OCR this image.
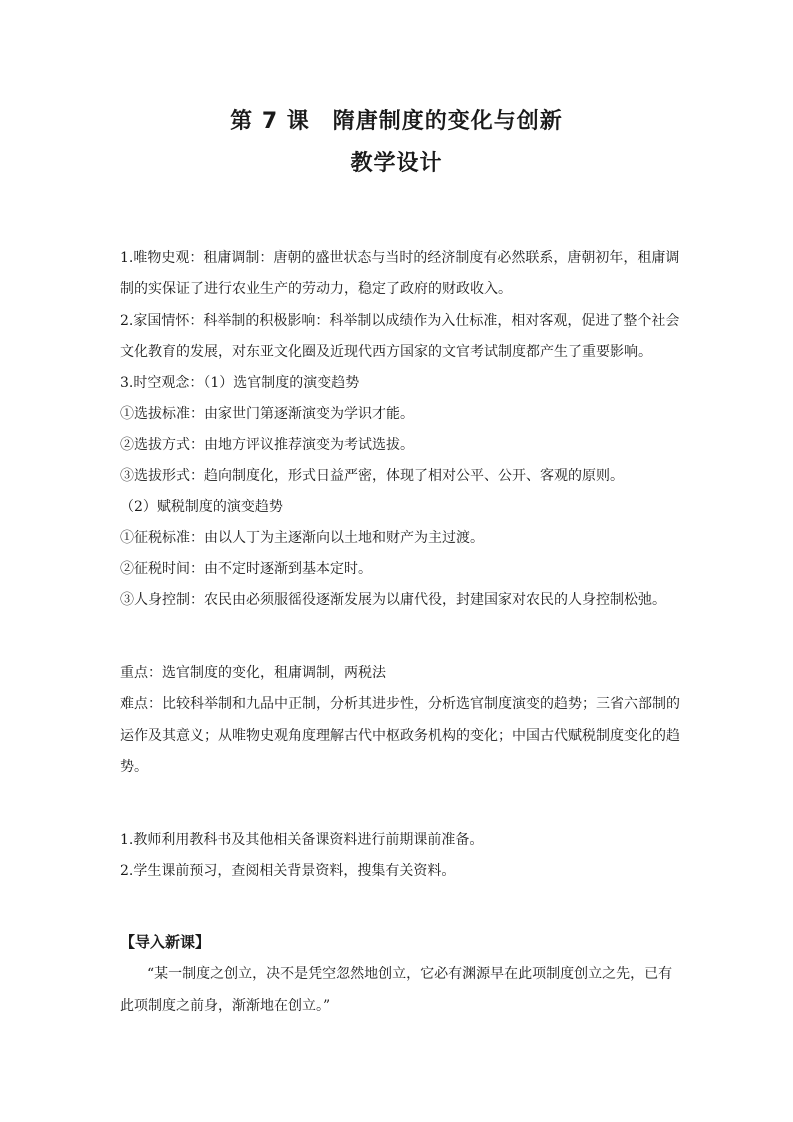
第 7 课　隋唐制度的变化与创新
教学设计
1.唯物史观：租庸调制：唐朝的盛世状态与当时的经济制度有必然联系，唐朝初年，租庸调
制的实保证了进行农业生产的劳动力，稳定了政府的财政收入。
2.家国情怀：科举制的积极影响：科举制以成绩作为入仕标准，相对客观，促进了整个社会
文化教育的发展，对东亚文化圈及近现代西方国家的文官考试制度都产生了重要影响。
3.时空观念：（1）选官制度的演变趋势
①选拔标准：由家世门第逐渐演变为学识才能。
②选拔方式：由地方评议推荐演变为考试选拔。
③选拔形式：趋向制度化，形式日益严密，体现了相对公平、公开、客观的原则。
（2）赋税制度的演变趋势
①征税标准：由以人丁为主逐渐向以土地和财产为主过渡。
②征税时间：由不定时逐渐到基本定时。
③人身控制：农民由必须服徭役逐渐发展为以庸代役，封建国家对农民的人身控制松弛。
重点：选官制度的变化，租庸调制，两税法
难点：比较科举制和九品中正制，分析其进步性，分析选官制度演变的趋势；三省六部制的
运作及其意义；从唯物史观角度理解古代中枢政务机构的变化；中国古代赋税制度变化的趋
势。
1.教师利用教科书及其他相关备课资料进行前期课前准备。
2.学生课前预习，查阅相关背景资料，搜集有关资料。
【导入新课】
“某一制度之创立，决不是凭空忽然地创立，它必有渊源早在此项制度创立之先，已有
此项制度之前身，渐渐地在创立。”
